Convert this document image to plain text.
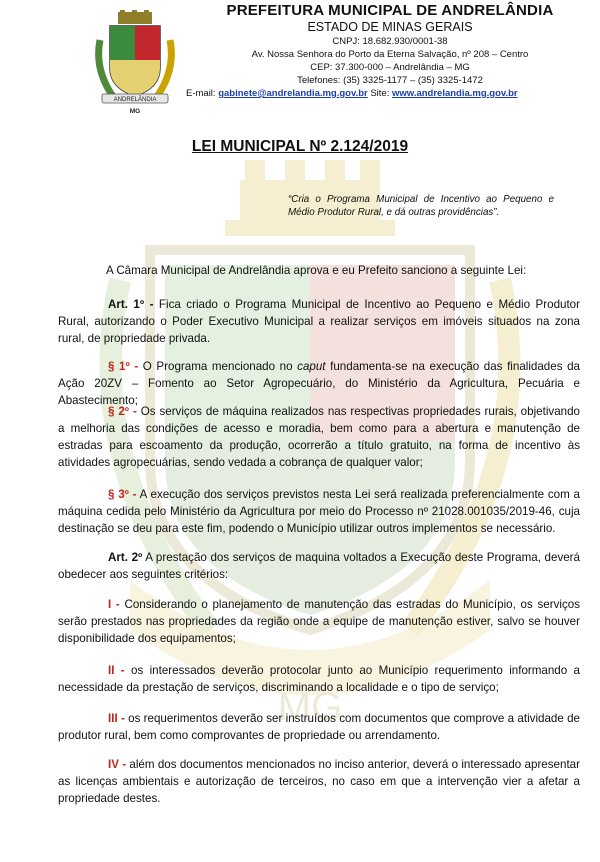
MG
ANDRELÂNDIA
MG
PREFEITURA MUNICIPAL DE ANDRELÂNDIA
ESTADO DE MINAS GERAIS
CNPJ: 18.682.930/0001-38
Av. Nossa Senhora do Porto da Eterna Salvação, nº 208 – Centro
CEP: 37.300-000 – Andrelândia – MG
Telefones: (35) 3325-1177 – (35) 3325-1472
E-mail: gabinete@andrelandia.mg.gov.br Site: www.andrelandia.mg.gov.br
LEI MUNICIPAL Nº 2.124/2019
“Cria o Programa Municipal de Incentivo ao Pequeno e Médio Produtor Rural, e dá outras providências”.

A Câmara Municipal de Andrelândia aprova e eu Prefeito sanciono a seguinte Lei:

Art. 1º - Fica criado o Programa Municipal de Incentivo ao Pequeno e Médio Produtor Rural, autorizando o Poder Executivo Municipal a realizar serviços em imóveis situados na zona rural, de propriedade privada.

§ 1º - O Programa mencionado no caput fundamenta-se na execução das finalidades da Ação 20ZV – Fomento ao Setor Agropecuário, do Ministério da Agricultura, Pecuária e Abastecimento;

§ 2º - Os serviços de máquina realizados nas respectivas propriedades rurais, objetivando a melhoria das condições de acesso e moradia, bem como para a abertura e manutenção de estradas para escoamento da produção, ocorrerão a título gratuito, na forma de incentivo às atividades agropecuárias, sendo vedada a cobrança de qualquer valor;

§ 3º - A execução dos serviços previstos nesta Lei será realizada preferencialmente com a máquina cedida pelo Ministério da Agricultura por meio do Processo nº 21028.001035/2019-46, cuja destinação se deu para este fim, podendo o Município utilizar outros implementos se necessário.

Art. 2º A prestação dos serviços de maquina voltados a Execução deste Programa, deverá obedecer aos seguintes critérios:

I - Considerando o planejamento de manutenção das estradas do Município, os serviços serão prestados nas propriedades da região onde a equipe de manutenção estiver, salvo se houver disponibilidade dos equipamentos;

II - os interessados deverão protocolar junto ao Município requerimento informando a necessidade da prestação de serviços, discriminando a localidade e o tipo de serviço;

III - os requerimentos deverão ser instruídos com documentos que comprove a atividade de produtor rural, bem como comprovantes de propriedade ou arrendamento.

IV - além dos documentos mencionados no inciso anterior, deverá o interessado apresentar as licenças ambientais e autorização de terceiros, no caso em que a intervenção vier a afetar a propriedade destes.
